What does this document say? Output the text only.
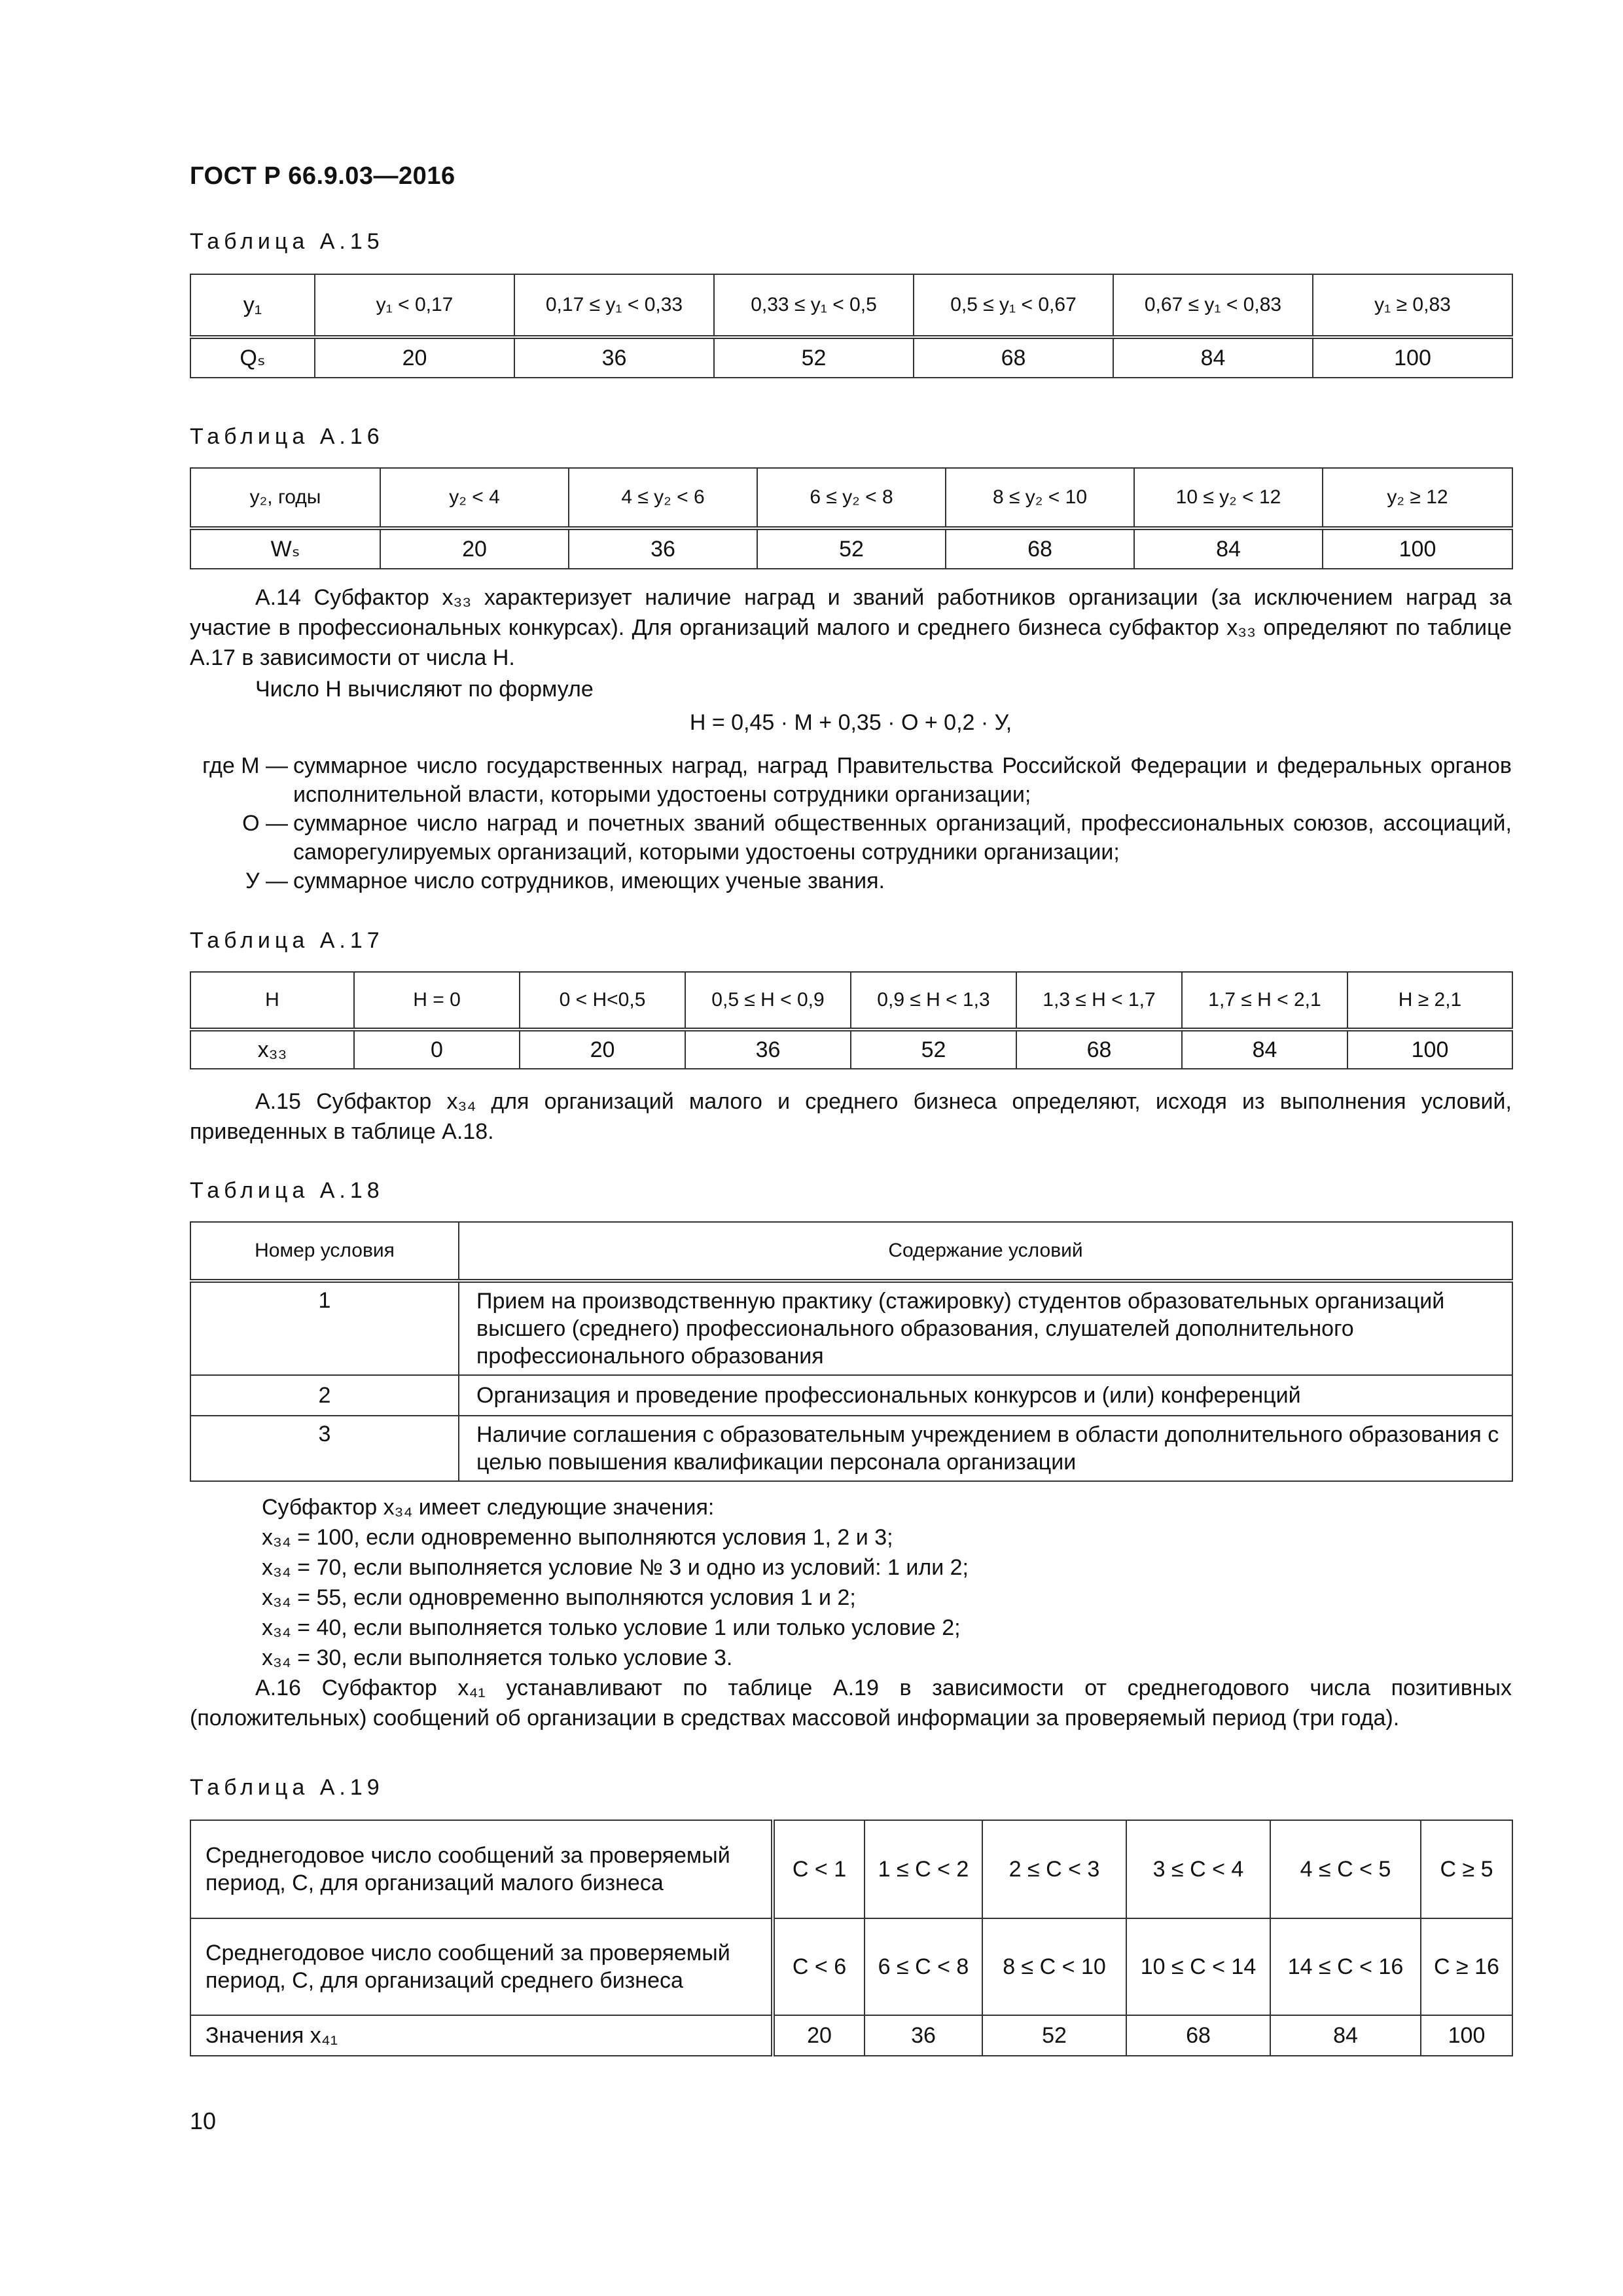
ГОСТ Р 66.9.03—2016
Таблица А.15
y₁	y₁ < 0,17	0,17 ≤ y₁ < 0,33	0,33 ≤ y₁ < 0,5	0,5 ≤ y₁ < 0,67	0,67 ≤ y₁ < 0,83	y₁ ≥ 0,83
Qₛ	20	36	52	68	84	100
Таблица А.16
y₂, годы	y₂ < 4	4 ≤ y₂ < 6	6 ≤ y₂ < 8	8 ≤ y₂ < 10	10 ≤ y₂ < 12	y₂ ≥ 12
Wₛ	20	36	52	68	84	100
А.14 Субфактор x₃₃ характеризует наличие наград и званий работников организации (за исключением наград за участие в профессиональных конкурсах). Для организаций малого и среднего бизнеса субфактор x₃₃ определяют по таблице А.17 в зависимости от числа Н.
Число Н вычисляют по формуле
Н = 0,45 · М + 0,35 · О + 0,2 · У,
где М — суммарное число государственных наград, наград Правительства Российской Федерации и федеральных органов исполнительной власти, которыми удостоены сотрудники организации;
О — суммарное число наград и почетных званий общественных организаций, профессиональных союзов, ассоциаций, саморегулируемых организаций, которыми удостоены сотрудники организации;
У — суммарное число сотрудников, имеющих ученые звания.
Таблица А.17
Н	Н = 0	0 < Н<0,5	0,5 ≤ Н < 0,9	0,9 ≤ Н < 1,3	1,3 ≤ Н < 1,7	1,7 ≤ Н < 2,1	Н ≥ 2,1
x₃₃	0	20	36	52	68	84	100
А.15 Субфактор x₃₄ для организаций малого и среднего бизнеса определяют, исходя из выполнения условий, приведенных в таблице А.18.
Таблица А.18
Номер условия	Содержание условий
1	Прием на производственную практику (стажировку) студентов образовательных организаций высшего (среднего) профессионального образования, слушателей дополнительного профессионального образования
2	Организация и проведение профессиональных конкурсов и (или) конференций
3	Наличие соглашения с образовательным учреждением в области дополнительного образования с целью повышения квалификации персонала организации
Субфактор x₃₄ имеет следующие значения:
x₃₄ = 100, если одновременно выполняются условия 1, 2 и 3;
x₃₄ = 70, если выполняется условие № 3 и одно из условий: 1 или 2;
x₃₄ = 55, если одновременно выполняются условия 1 и 2;
x₃₄ = 40, если выполняется только условие 1 или только условие 2;
x₃₄ = 30, если выполняется только условие 3.
А.16 Субфактор x₄₁ устанавливают по таблице А.19 в зависимости от среднегодового числа позитивных (положительных) сообщений об организации в средствах массовой информации за проверяемый период (три года).
Таблица А.19
Среднегодовое число сообщений за проверяемый период, С, для организаций малого бизнеса	С < 1	1 ≤ С < 2	2 ≤ С < 3	3 ≤ С < 4	4 ≤ С < 5	С ≥ 5
Среднегодовое число сообщений за проверяемый период, С, для организаций среднего бизнеса	С < 6	6 ≤ С < 8	8 ≤ С < 10	10 ≤ С < 14	14 ≤ С < 16	С ≥ 16
Значения x₄₁	20	36	52	68	84	100
10
